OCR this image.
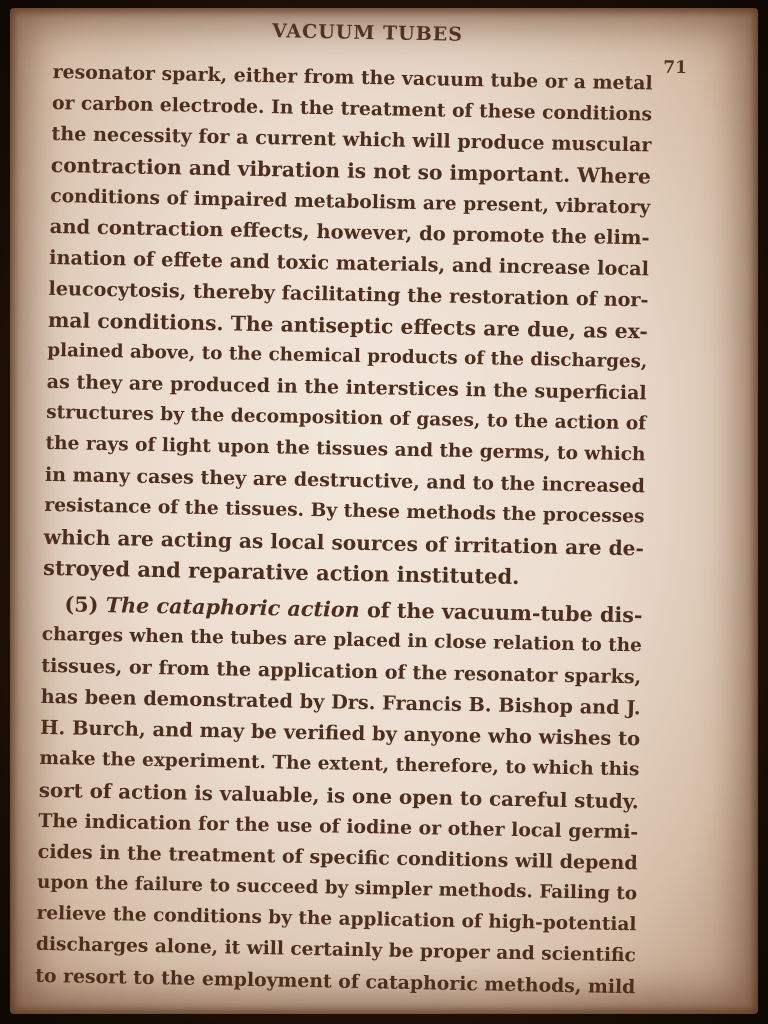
VACUUM TUBES
71
resonator spark, either from the vacuum tube or a metal
or carbon electrode. In the treatment of these conditions
the necessity for a current which will produce muscular
contraction and vibration is not so important. Where
conditions of impaired metabolism are present, vibratory
and contraction effects, however, do promote the elim-
ination of effete and toxic materials, and increase local
leucocytosis, thereby facilitating the restoration of nor-
mal conditions. The antiseptic effects are due, as ex-
plained above, to the chemical products of the discharges,
as they are produced in the interstices in the superficial
structures by the decomposition of gases, to the action of
the rays of light upon the tissues and the germs, to which
in many cases they are destructive, and to the increased
resistance of the tissues. By these methods the processes
which are acting as local sources of irritation are de-
stroyed and reparative action instituted.
(5) The cataphoric action of the vacuum-tube dis-
charges when the tubes are placed in close relation to the
tissues, or from the application of the resonator sparks,
has been demonstrated by Drs. Francis B. Bishop and J.
H. Burch, and may be verified by anyone who wishes to
make the experiment. The extent, therefore, to which this
sort of action is valuable, is one open to careful study.
The indication for the use of iodine or other local germi-
cides in the treatment of specific conditions will depend
upon the failure to succeed by simpler methods. Failing to
relieve the conditions by the application of high-potential
discharges alone, it will certainly be proper and scientific
to resort to the employment of cataphoric methods, mild
